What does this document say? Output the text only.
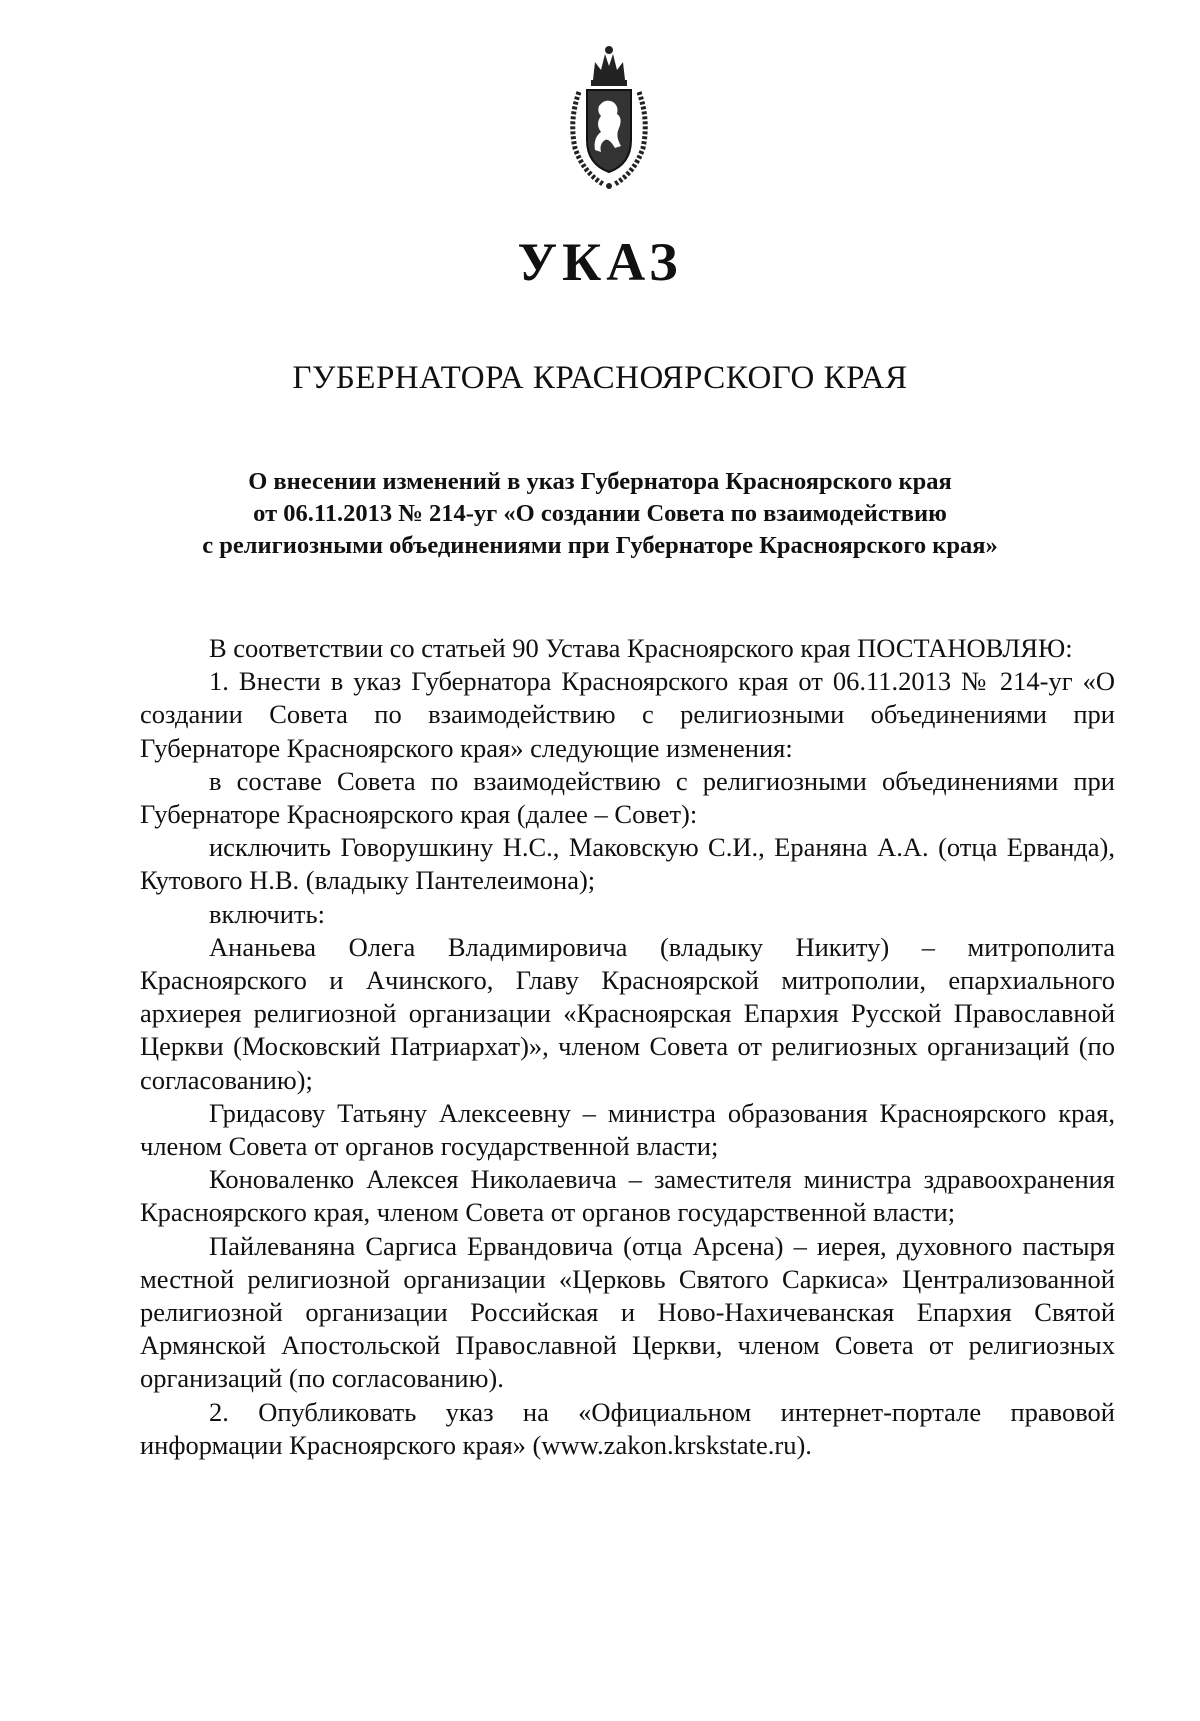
УКАЗ
ГУБЕРНАТОРА КРАСНОЯРСКОГО КРАЯ
О внесении изменений в указ Губернатора Красноярского края
от 06.11.2013 № 214-уг «О создании Совета по взаимодействию
с религиозными объединениями при Губернаторе Красноярского края»

В соответствии со статьей 90 Устава Красноярского края ПОСТАНОВЛЯЮ:

1. Внести в указ Губернатора Красноярского края от 06.11.2013 № 214-уг «О создании Совета по взаимодействию с религиозными объединениями при Губернаторе Красноярского края» следующие изменения:

в составе Совета по взаимодействию с религиозными объединениями при Губернаторе Красноярского края (далее – Совет):

исключить Говорушкину Н.С., Маковскую С.И., Ераняна А.А. (отца Ерванда), Кутового Н.В. (владыку Пантелеимона);

включить:

Ананьева Олега Владимировича (владыку Никиту) – митрополита Красноярского и Ачинского, Главу Красноярской митрополии, епархиального архиерея религиозной организации «Красноярская Епархия Русской Православной Церкви (Московский Патриархат)», членом Совета от религиозных организаций (по согласованию);

Гридасову Татьяну Алексеевну – министра образования Красноярского края, членом Совета от органов государственной власти;

Коноваленко Алексея Николаевича – заместителя министра здравоохранения Красноярского края, членом Совета от органов государственной власти;

Пайлеваняна Саргиса Ервандовича (отца Арсена) – иерея, духовного пастыря местной религиозной организации «Церковь Святого Саркиса» Централизованной религиозной организации Российская и Ново-Нахичеванская Епархия Святой Армянской Апостольской Православной Церкви, членом Совета от религиозных организаций (по согласованию).

2. Опубликовать указ на «Официальном интернет-портале правовой информации Красноярского края» (www.zakon.krskstate.ru).
